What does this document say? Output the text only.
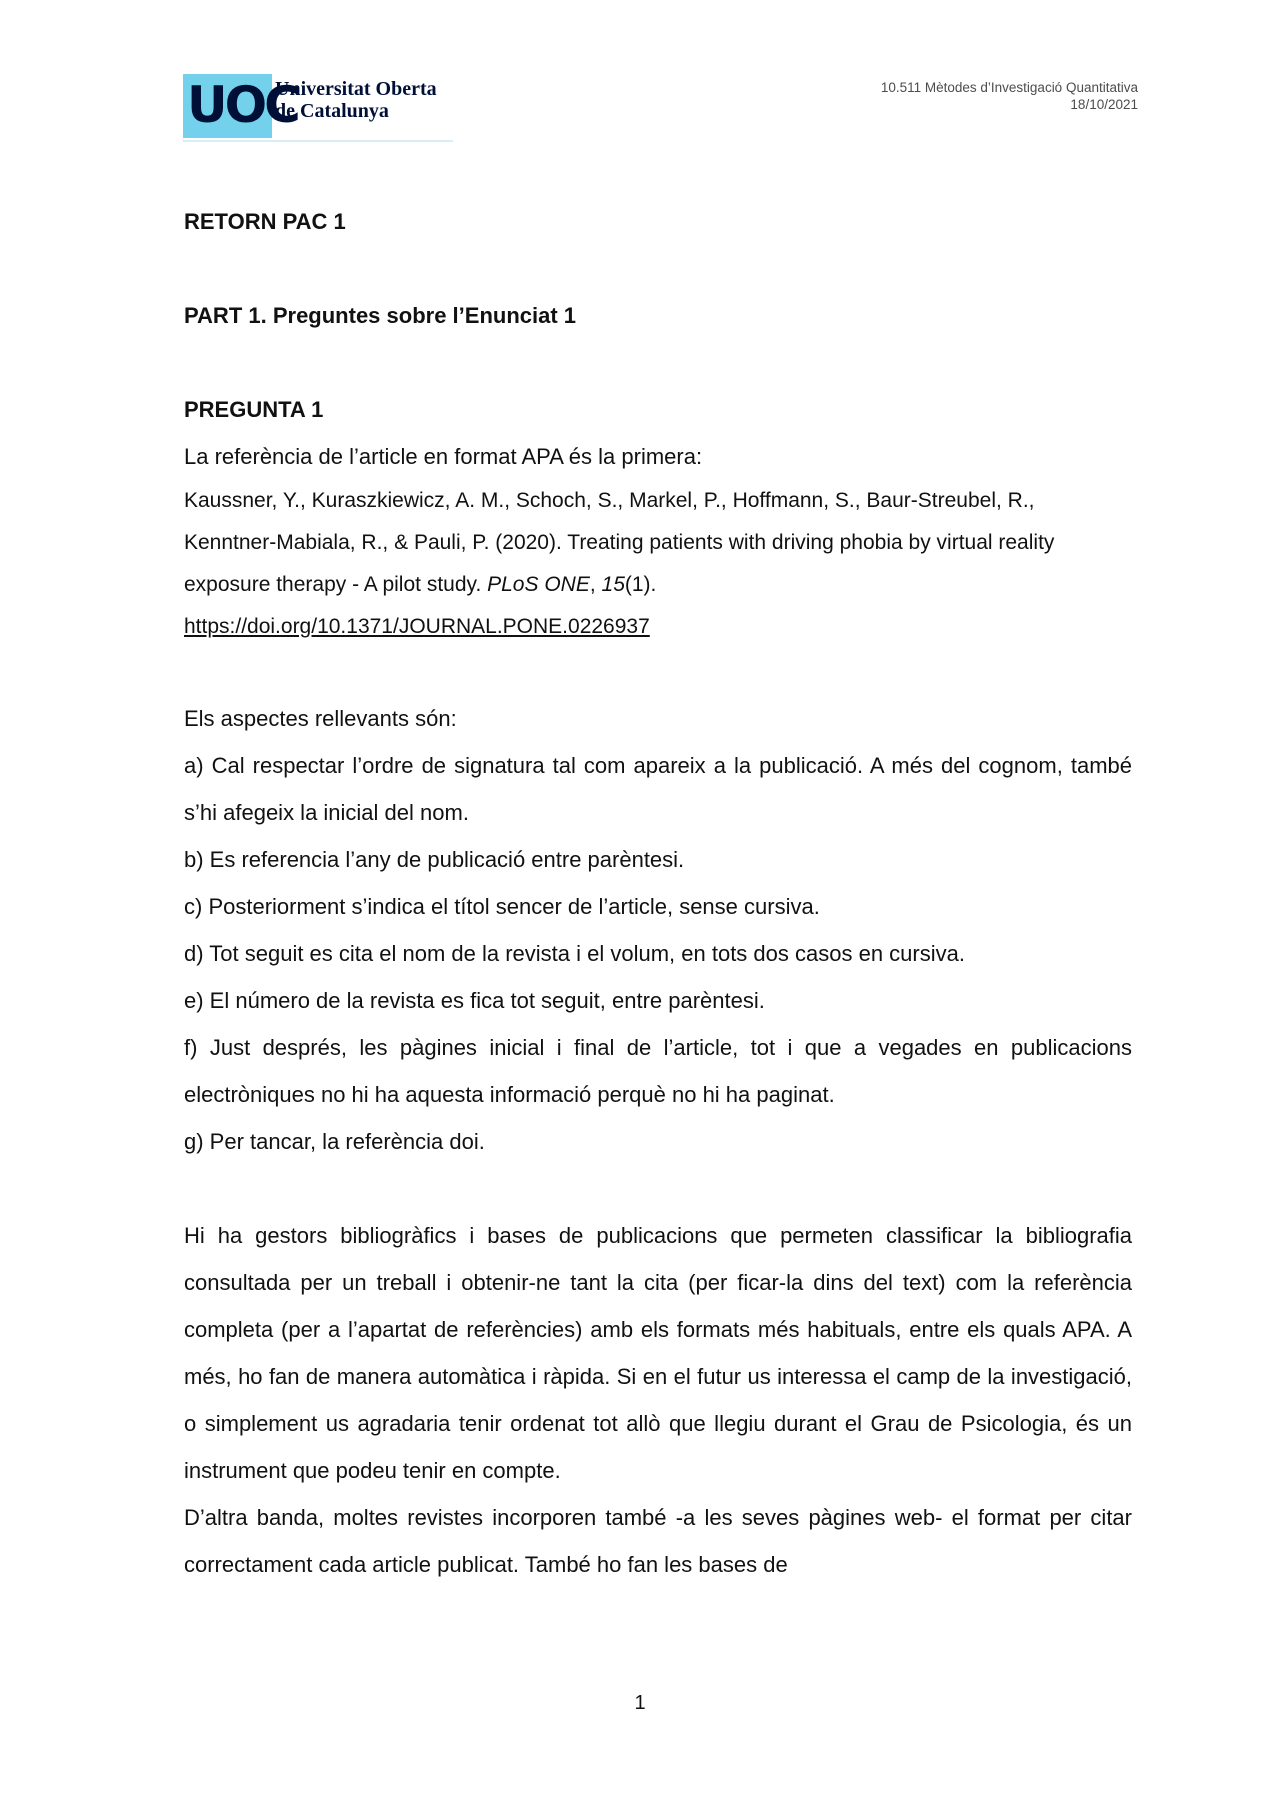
UOC
Universitat Oberta
de Catalunya
10.511 Mètodes d’Investigació Quantitativa
18/10/2021

RETORN PAC 1

PART 1. Preguntes sobre l’Enunciat 1

PREGUNTA 1

La referència de l’article en format APA és la primera:

Kaussner, Y., Kuraszkiewicz, A. M., Schoch, S., Markel, P., Hoffmann, S., Baur-Streubel, R., Kenntner-Mabiala, R., & Pauli, P. (2020). Treating patients with driving phobia by virtual reality exposure therapy - A pilot study. PLoS ONE, 15(1).
https://doi.org/10.1371/JOURNAL.PONE.0226937

Els aspectes rellevants són:

a) Cal respectar l’ordre de signatura tal com apareix a la publicació. A més del cognom, també s’hi afegeix la inicial del nom.

b) Es referencia l’any de publicació entre parèntesi.

c) Posteriorment s’indica el títol sencer de l’article, sense cursiva.

d) Tot seguit es cita el nom de la revista i el volum, en tots dos casos en cursiva.

e) El número de la revista es fica tot seguit, entre parèntesi.

f) Just després, les pàgines inicial i final de l’article, tot i que a vegades en publicacions electròniques no hi ha aquesta informació perquè no hi ha paginat.

g) Per tancar, la referència doi.

Hi ha gestors bibliogràfics i bases de publicacions que permeten classificar la bibliografia consultada per un treball i obtenir-ne tant la cita (per ficar-la dins del text) com la referència completa (per a l’apartat de referències) amb els formats més habituals, entre els quals APA. A més, ho fan de manera automàtica i ràpida. Si en el futur us interessa el camp de la investigació, o simplement us agradaria tenir ordenat tot allò que llegiu durant el Grau de Psicologia, és un instrument que podeu tenir en compte.

D’altra banda, moltes revistes incorporen també -a les seves pàgines web- el format per citar correctament cada article publicat. També ho fan les bases de

1
